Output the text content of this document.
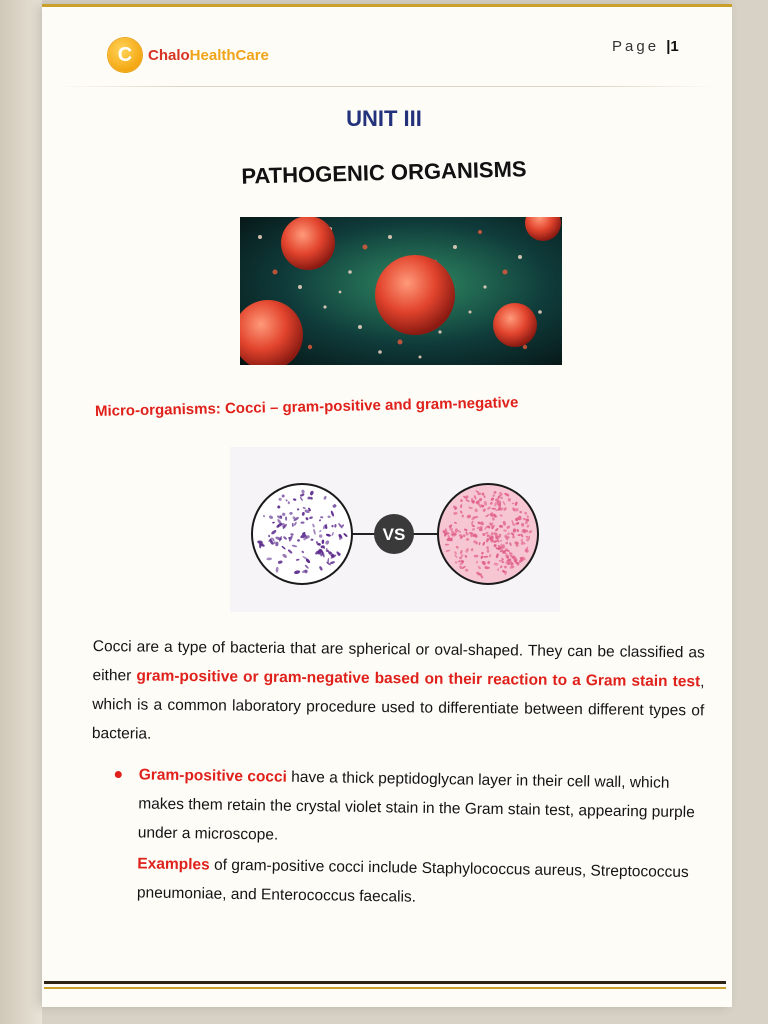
C ChaloHealthCare	Page |1
UNIT III
PATHOGENIC ORGANISMS
Micro-organisms: Cocci – gram-positive and gram-negative
VS
Cocci are a type of bacteria that are spherical or oval-shaped. They can be classified as either gram-positive or gram-negative based on their reaction to a Gram stain test, which is a common laboratory procedure used to differentiate between different types of bacteria.
Gram-positive cocci have a thick peptidoglycan layer in their cell wall, which makes them retain the crystal violet stain in the Gram stain test, appearing purple under a microscope.
Examples of gram-positive cocci include Staphylococcus aureus, Streptococcus pneumoniae, and Enterococcus faecalis.
